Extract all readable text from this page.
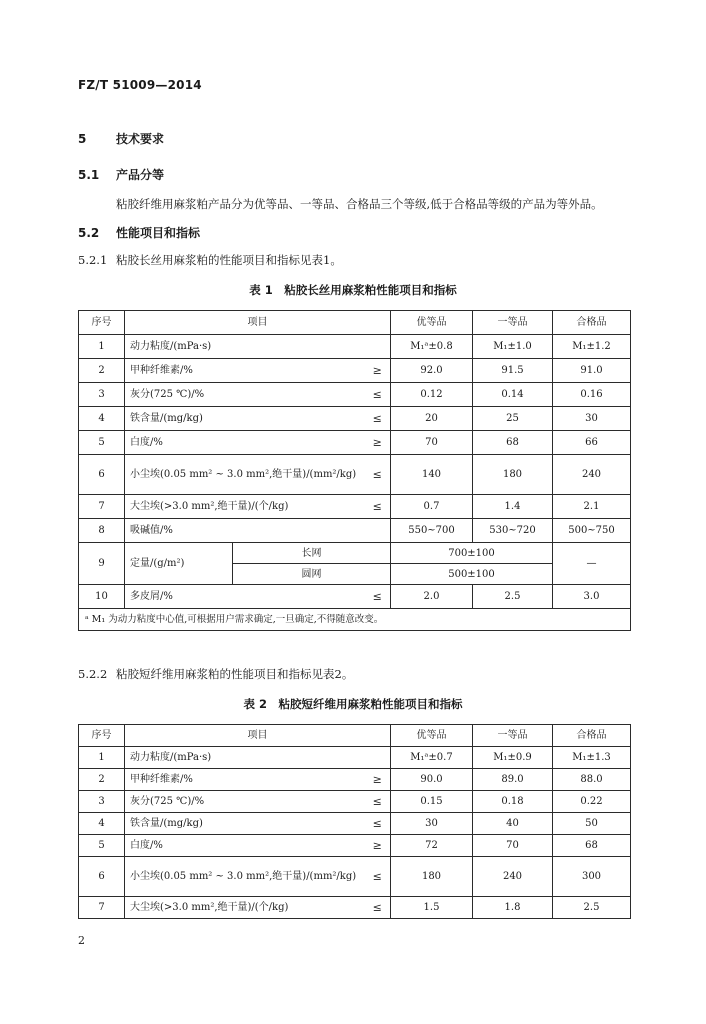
FZ/T 51009—2014
5 技术要求
5.1 产品分等
粘胶纤维用麻浆粕产品分为优等品、一等品、合格品三个等级,低于合格品等级的产品为等外品。
5.2 性能项目和指标
5.2.1 粘胶长丝用麻浆粕的性能项目和指标见表1。
表 1　粘胶长丝用麻浆粕性能项目和指标
序号	项目			优等品	一等品	合格品
1	动力粘度/(mPa·s)			M₁ᵃ±0.8	M₁±1.0	M₁±1.2
2	甲种纤维素/%		≥	92.0	91.5	91.0
3	灰分(725 ℃)/%		≤	0.12	0.14	0.16
4	铁含量/(mg/kg)		≤	20	25	30
5	白度/%		≥	70	68	66
6	小尘埃(0.05 mm² ~ 3.0 mm²,绝干量)/(mm²/kg)		≤	140	180	240
7	大尘埃(>3.0 mm²,绝干量)/(个/kg)		≤	0.7	1.4	2.1
8	吸碱值/%			550~700	530~720	500~750
9	定量/(g/m²)	长网		700±100		—
		圆网		500±100		
10	多皮屑/%		≤	2.0	2.5	3.0
ᵃ M₁ 为动力粘度中心值,可根据用户需求确定,一旦确定,不得随意改变。						
5.2.2 粘胶短纤维用麻浆粕的性能项目和指标见表2。
表 2　粘胶短纤维用麻浆粕性能项目和指标
序号	项目		优等品	一等品	合格品
1	动力粘度/(mPa·s)		M₁ᵃ±0.7	M₁±0.9	M₁±1.3
2	甲种纤维素/%	≥	90.0	89.0	88.0
3	灰分(725 ℃)/%	≤	0.15	0.18	0.22
4	铁含量/(mg/kg)	≤	30	40	50
5	白度/%	≥	72	70	68
6	小尘埃(0.05 mm² ~ 3.0 mm²,绝干量)/(mm²/kg)	≤	180	240	300
7	大尘埃(>3.0 mm²,绝干量)/(个/kg)	≤	1.5	1.8	2.5
2
